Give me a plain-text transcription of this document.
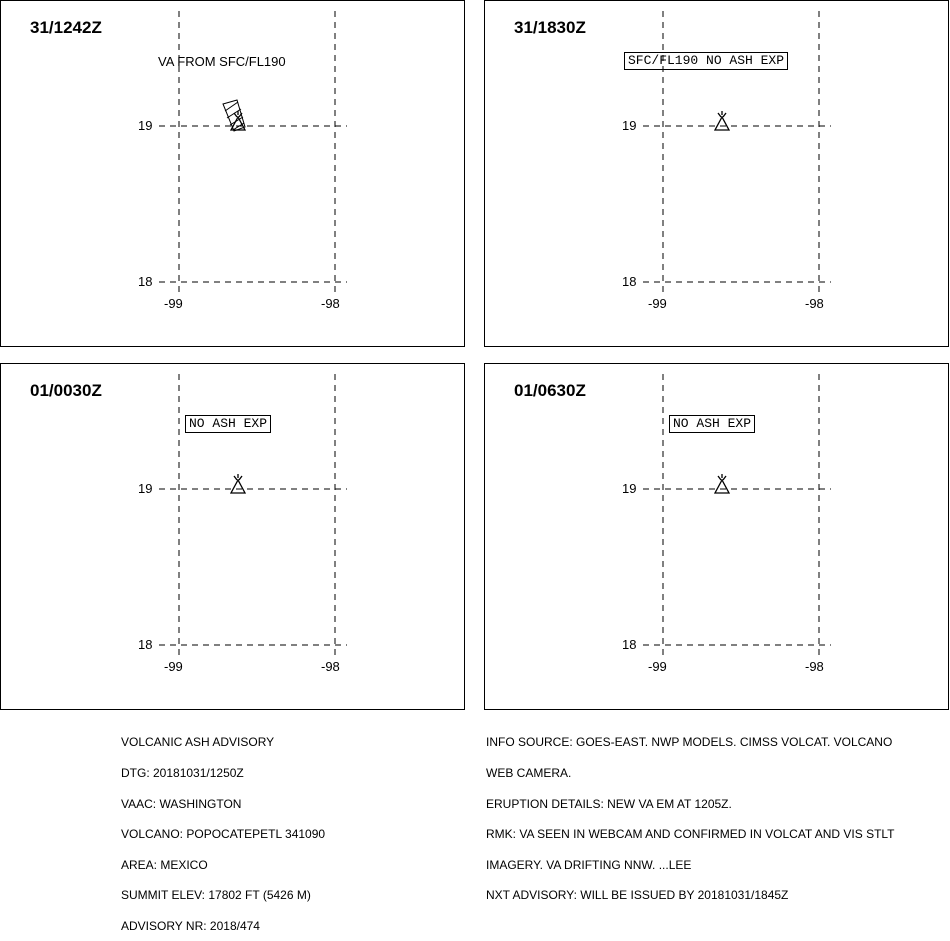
31/1242Z
VA FROM SFC/FL190
19
18
-99	-98
31/1830Z
SFC/FL190 NO ASH EXP
19
18
-99	-98
01/0030Z
NO ASH EXP
19
18
-99	-98
01/0630Z
NO ASH EXP
19
18
-99	-98

VOLCANIC ASH ADVISORY

DTG: 20181031/1250Z

VAAC: WASHINGTON

VOLCANO: POPOCATEPETL 341090

AREA: MEXICO

SUMMIT ELEV: 17802 FT (5426 M)

ADVISORY NR: 2018/474

INFO SOURCE: GOES-EAST. NWP MODELS. CIMSS VOLCAT. VOLCANO

WEB CAMERA.

ERUPTION DETAILS: NEW VA EM AT 1205Z.

RMK: VA SEEN IN WEBCAM AND CONFIRMED IN VOLCAT AND VIS STLT

IMAGERY. VA DRIFTING NNW. ...LEE

NXT ADVISORY: WILL BE ISSUED BY 20181031/1845Z
